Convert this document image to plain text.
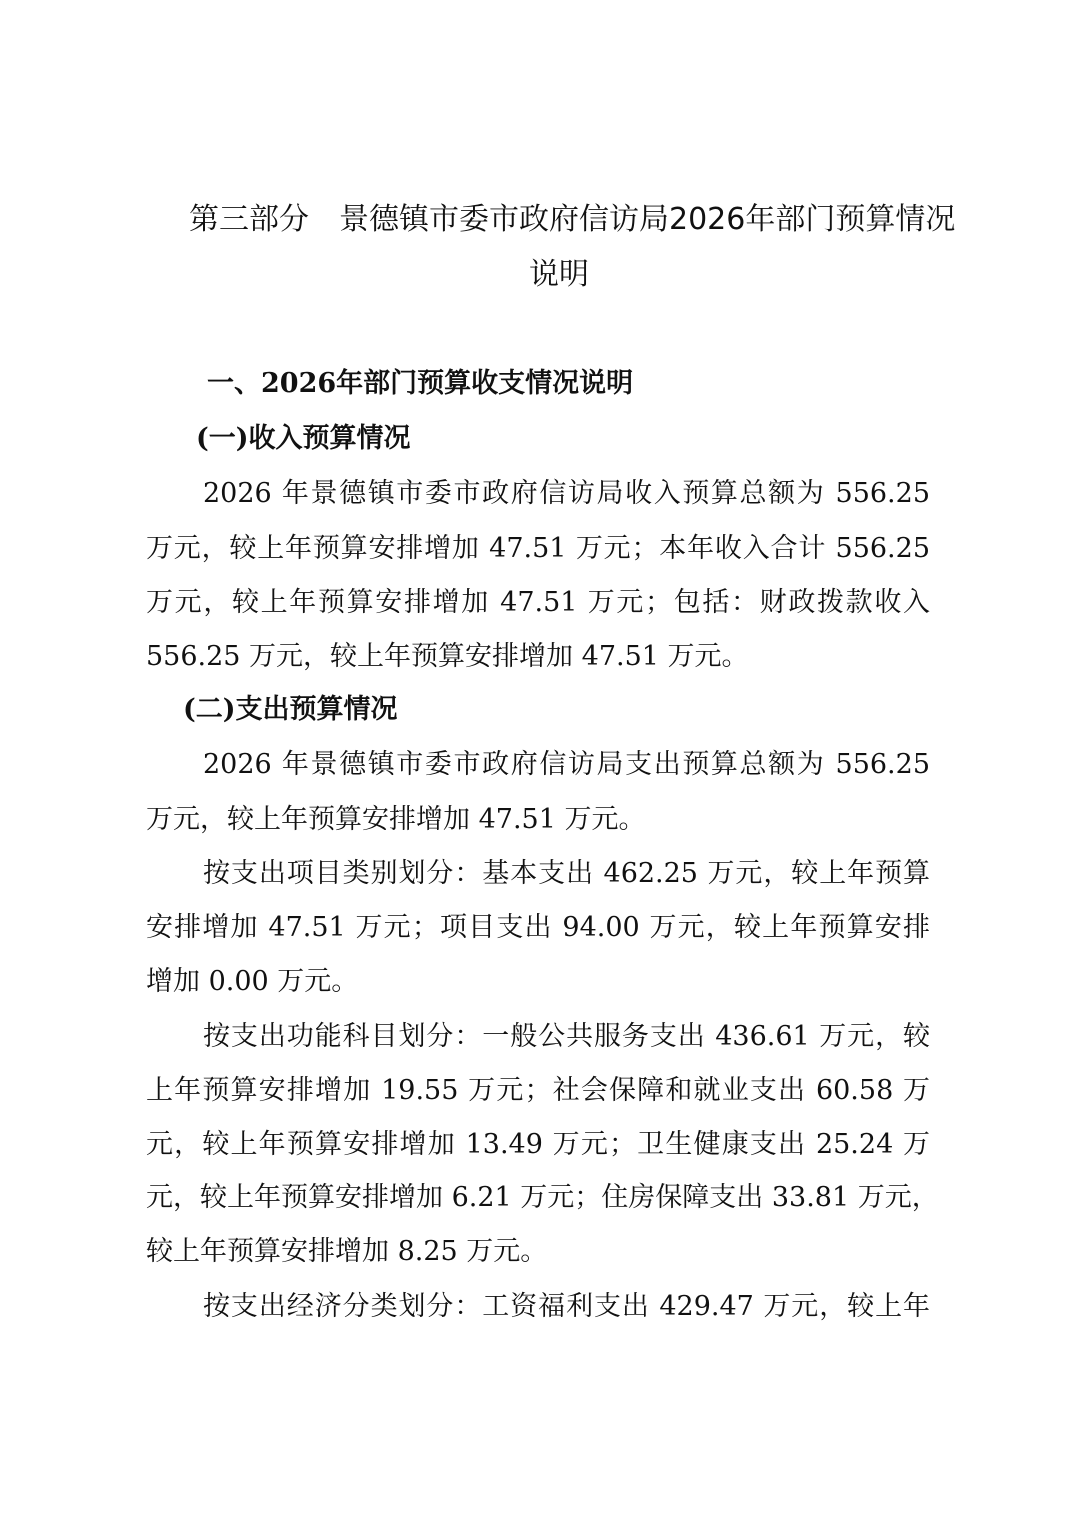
第三部分　景德镇市委市政府信访局2026年部门预算情况
说明
一、2026年部门预算收支情况说明
(一)收入预算情况
2026 年景德镇市委市政府信访局收入预算总额为 556.25
万元，较上年预算安排增加 47.51 万元；本年收入合计 556.25
万元，较上年预算安排增加 47.51 万元；包括：财政拨款收入
556.25 万元，较上年预算安排增加 47.51 万元。
(二)支出预算情况
2026 年景德镇市委市政府信访局支出预算总额为 556.25
万元，较上年预算安排增加 47.51 万元。
按支出项目类别划分：基本支出 462.25 万元，较上年预算
安排增加 47.51 万元；项目支出 94.00 万元，较上年预算安排
增加 0.00 万元。
按支出功能科目划分：一般公共服务支出 436.61 万元，较
上年预算安排增加 19.55 万元；社会保障和就业支出 60.58 万
元，较上年预算安排增加 13.49 万元；卫生健康支出 25.24 万
元，较上年预算安排增加 6.21 万元；住房保障支出 33.81 万元，
较上年预算安排增加 8.25 万元。
按支出经济分类划分：工资福利支出 429.47 万元，较上年
